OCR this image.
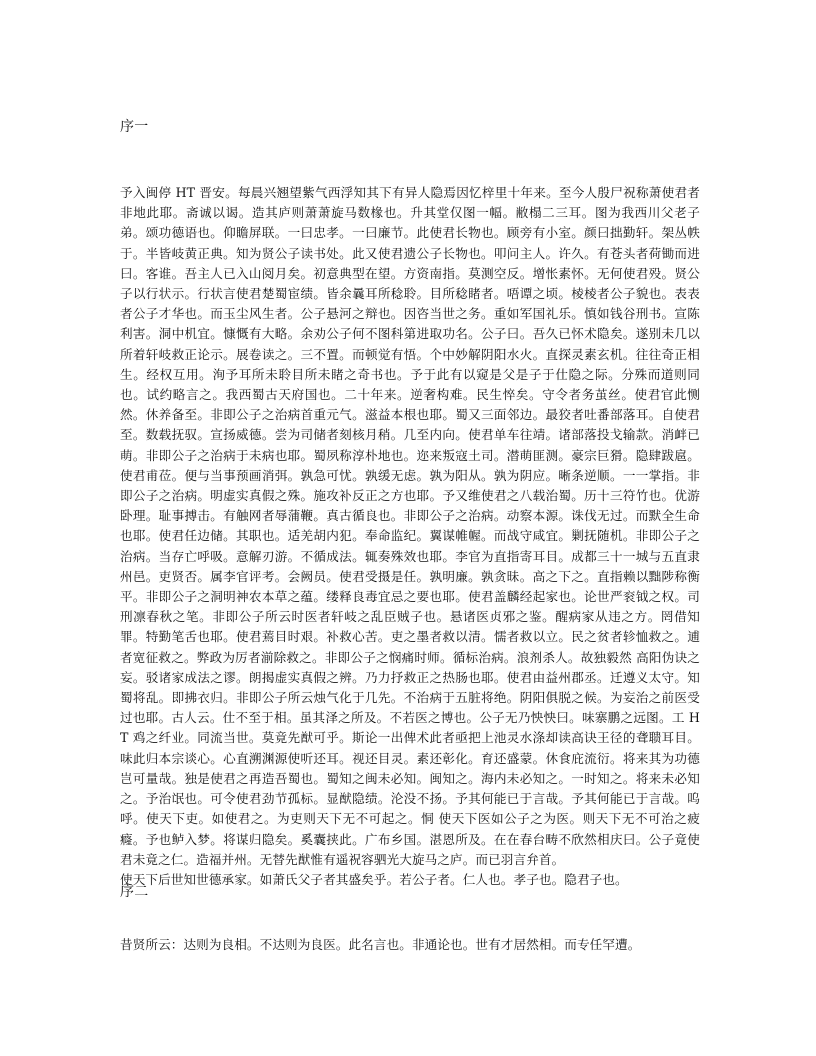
序一

予入闽停 HT 晋安。每晨兴翘望紫气西浮知其下有异人隐焉因忆梓里十年来。至今人殷尸祝称萧使君者非地此耶。斋诚以谒。造其庐则萧萧旋马数椽也。升其堂仅图一幅。敝榻二三耳。图为我西川父老子弟。颂功德语也。仰瞻屏联。一曰忠孝。一曰廉节。此使君长物也。顾旁有小室。颜曰拙勤轩。架丛帙于。半皆岐黄正典。知为贤公子读书处。此又使君遗公子长物也。叩问主人。许久。有苍头者荷锄而进曰。客谁。吾主人已入山阅月矣。初意典型在望。方资南指。莫测空反。增怅素怀。无何使君殁。贤公子以行状示。行状言使君楚蜀宦绩。皆余曩耳所稔聆。目所稔睹者。唔谭之顷。棱棱者公子貌也。表表者公子才华也。而玉尘风生者。公子悬河之辩也。因咨当世之务。重如军国礼乐。慎如钱谷刑书。宣陈利害。洞中机宜。慷慨有大略。余劝公子何不图科第进取功名。公子曰。吾久已怀术隐矣。遂别未几以所着轩岐救正论示。展卷读之。三不置。而顿觉有悟。个中妙解阴阳水火。直探灵素玄机。往往奇正相生。经权互用。洵予耳所未聆目所未睹之奇书也。予于此有以窥是父是子于仕隐之际。分殊而道则同也。试约略言之。我西蜀古天府国也。二十年来。逆奢构难。民生悴矣。守令者务茧丝。使君官此恻然。休养备至。非即公子之治病首重元气。滋益本根也耶。蜀又三面邻边。最狡者吐番部落耳。自使君至。数载抚驭。宣扬威德。尝为司储者刻核月稍。几至内向。使君单车往靖。诸部落投戈输款。消衅已萌。非即公子之治病于未病也耶。蜀夙称淳朴地也。迩来叛寇土司。潜萌匪测。豪宗巨猾。隐肆跋扈。使君甫莅。便与当事预画消弭。孰急可忧。孰缓无虑。孰为阳从。孰为阴应。晰条逆顺。一一掌指。非即公子之治病。明虚实真假之殊。施攻补反正之方也耶。予又维使君之八载治蜀。历十三符竹也。优游卧理。耻事搏击。有触网者辱蒲鞭。真古循良也。非即公子之治病。动察本源。诛伐无过。而默全生命也耶。使君任边储。其职也。适羌胡内犯。奉命监纪。翼谋帷幄。而战守咸宜。剿抚随机。非即公子之治病。当存亡呼吸。意解刃游。不循成法。辄奏殊效也耶。李官为直指寄耳目。成都三十一城与五直隶州邑。吏贤否。属李官评考。会阙员。使君受摄是任。孰明廉。孰贪昧。高之下之。直指赖以黜陟称衡平。非即公子之洞明神农本草之蕴。缕释良毒宜忌之要也耶。使君盖麟经起家也。论世严衮钺之权。司刑凛春秋之笔。非即公子所云时医者轩岐之乱臣贼子也。悬诸医贞邪之鉴。醒病家从违之方。罔借知罪。特勤笔舌也耶。使君蔫目时艰。补救心苦。吏之墨者救以清。懦者救以立。民之贫者轸恤救之。逋者宽征救之。弊政为厉者湔除救之。非即公子之悯痛时师。循标治病。浪剂杀人。故独毅然 高阳伪诀之妄。驳诸家成法之谬。朗揭虚实真假之辨。乃力抒救正之热肠也耶。使君由益州郡丞。迁遵义太守。知蜀将乱。即拂衣归。非即公子所云烛气化于几先。不治病于五脏将绝。阴阳俱脱之候。为妄治之前医受过也耶。古人云。仕不至于相。虽其泽之所及。不若医之博也。公子无乃怏怏曰。味寨鹏之远图。工 HT 鸡之纤业。同流当世。莫竟先猷可乎。斯论一出俾术此者亟把上池灵水涤却读高诀王径的聋聩耳目。味此归本宗谈心。心直溯渊源使听还耳。视还目灵。素还彰化。育还盛蒙。休食庇流衍。将来其为功德岂可量哉。独是使君之再造吾蜀也。蜀知之闽未必知。闽知之。海内未必知之。一时知之。将来未必知之。予治氓也。可令使君劲节孤标。显猷隐绩。沦没不扬。予其何能已于言哉。予其何能已于言哉。呜呼。使天下吏。如使君之。为吏则天下无不可起之。恫 使天下医如公子之为医。则天下无不可治之疲癃。予也鲈入梦。将谋归隐矣。奚囊挟此。广布乡国。湛恩所及。在在春台畴不欣然相庆曰。公子竟使君未竟之仁。造福并州。无替先猷惟有遥祝容驷光大旋马之庐。而已羽言弁首。
使天下后世知世德承家。如萧氏父子者其盛矣乎。若公子者。仁人也。孝子也。隐君子也。

序二

昔贤所云：达则为良相。不达则为良医。此名言也。非通论也。世有才居然相。而专任罕遭。
